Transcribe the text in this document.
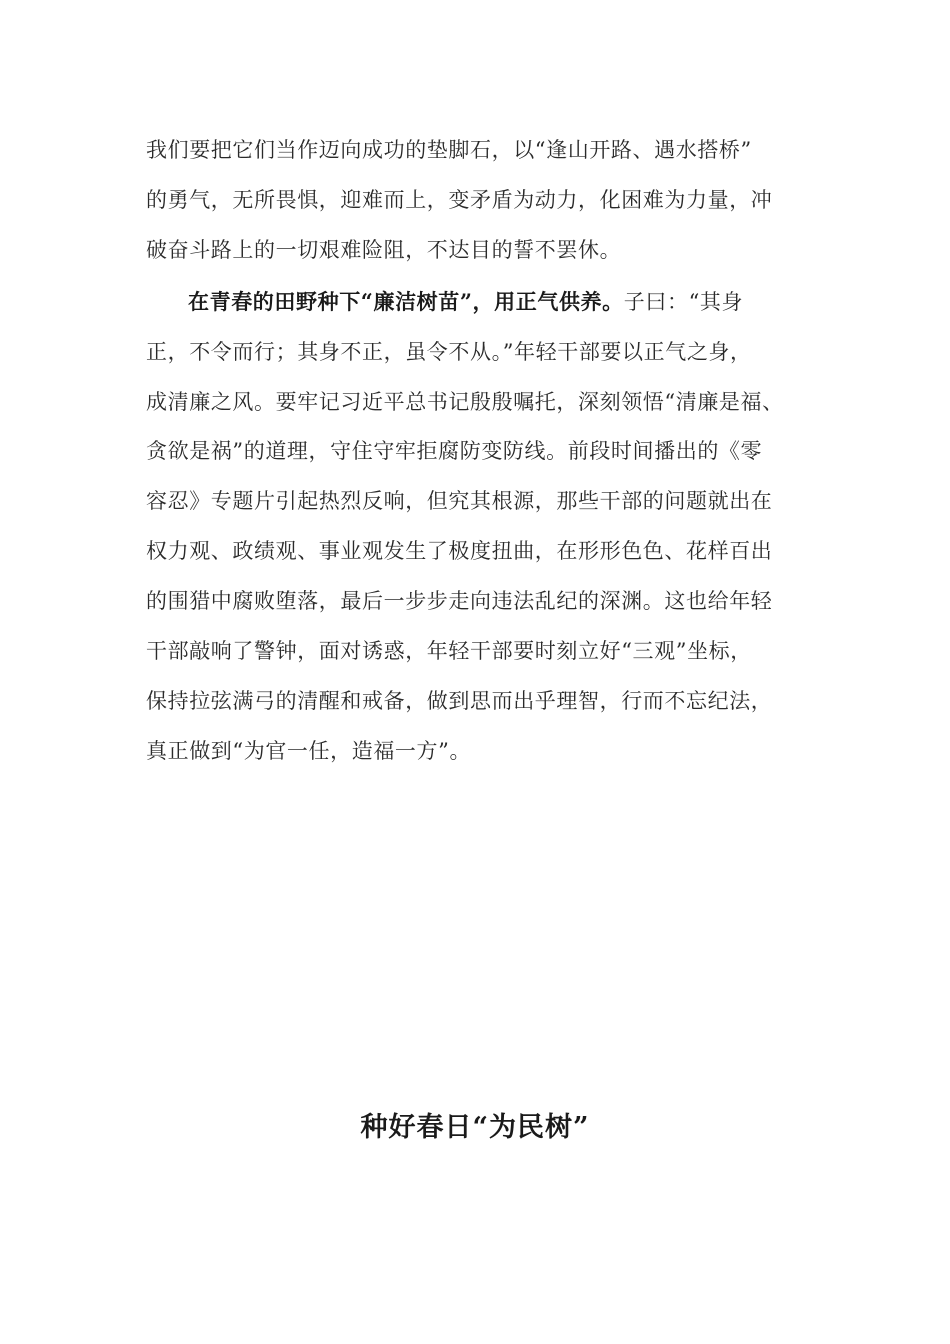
我们要把它们当作迈向成功的垫脚石，以“逢山开路、遇水搭桥”
的勇气，无所畏惧，迎难而上，变矛盾为动力，化困难为力量，冲
破奋斗路上的一切艰难险阻，不达目的誓不罢休。
在青春的田野种下“廉洁树苗”，用正气供养。子曰：“其身
正，不令而行；其身不正，虽令不从。”年轻干部要以正气之身，
成清廉之风。要牢记习近平总书记殷殷嘱托，深刻领悟“清廉是福、
贪欲是祸”的道理，守住守牢拒腐防变防线。前段时间播出的《零
容忍》专题片引起热烈反响，但究其根源，那些干部的问题就出在
权力观、政绩观、事业观发生了极度扭曲，在形形色色、花样百出
的围猎中腐败堕落，最后一步步走向违法乱纪的深渊。这也给年轻
干部敲响了警钟，面对诱惑，年轻干部要时刻立好“三观”坐标，
保持拉弦满弓的清醒和戒备，做到思而出乎理智，行而不忘纪法，
真正做到“为官一任，造福一方”。
种好春日“为民树”
